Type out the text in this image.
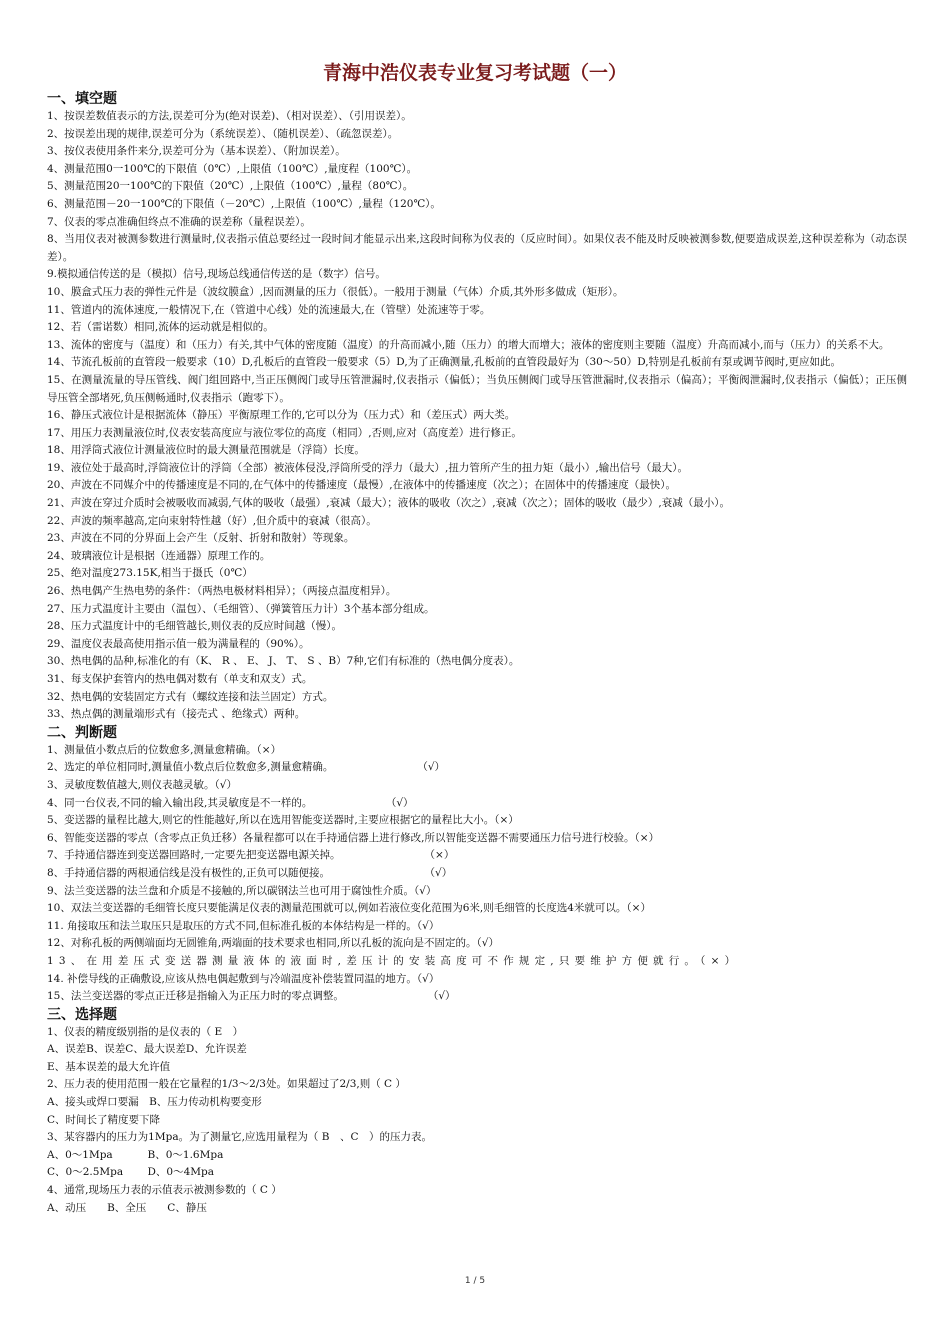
青海中浩仪表专业复习考试题（一）
一、填空题

1、按误差数值表示的方法,误差可分为(绝对误差)、（相对误差）、（引用误差）。

2、按误差出现的规律,误差可分为（系统误差）、（随机误差）、（疏忽误差）。

3、按仪表使用条件来分,误差可分为（基本误差）、（附加误差）。

4、测量范围0一100℃的下限值（0℃）,上限值（100℃）,量度程（100℃）。

5、测量范围20一100℃的下限值（20℃）,上限值（100℃）,量程（80℃）。

6、测量范围－20一100℃的下限值（－20℃）,上限值（100℃）,量程（120℃）。

7、仪表的零点准确但终点不准确的误差称（量程误差）。

8、当用仪表对被测参数进行测量时,仪表指示值总要经过一段时间才能显示出来,这段时间称为仪表的（反应时间）。如果仪表不能及时反映被测参数,便要造成误差,这种误差称为（动态误差）。

9.模拟通信传送的是（模拟）信号,现场总线通信传送的是（数字）信号。

10、膜盒式压力表的弹性元件是（波纹膜盒）,因而测量的压力（很低）。一般用于测量（气体）介质,其外形多做成（矩形）。

11、管道内的流体速度,一般情况下,在（管道中心线）处的流速最大,在（管壁）处流速等于零。

12、若（雷诺数）相同,流体的运动就是相似的。

13、流体的密度与（温度）和（压力）有关,其中气体的密度随（温度）的升高而减小,随（压力）的增大而增大；液体的密度则主要随（温度）升高而减小,而与（压力）的关系不大。

14、节流孔板前的直管段一般要求（10）D,孔板后的直管段一般要求（5）D,为了正确测量,孔板前的直管段最好为（30～50）D,特别是孔板前有泵或调节阀时,更应如此。

15、在测量流量的导压管线、阀门组回路中,当正压侧阀门或导压管泄漏时,仪表指示（偏低）；当负压侧阀门或导压管泄漏时,仪表指示（偏高）；平衡阀泄漏时,仪表指示（偏低）；正压侧导压管全部堵死,负压侧畅通时,仪表指示（跑零下）。

16、静压式液位计是根据流体（静压）平衡原理工作的,它可以分为（压力式）和（差压式）两大类。

17、用压力表测量液位时,仪表安装高度应与液位零位的高度（相同）,否则,应对（高度差）进行修正。

18、用浮筒式液位计测量液位时的最大测量范围就是（浮筒）长度。

19、液位处于最高时,浮筒液位计的浮筒（全部）被液体侵没,浮筒所受的浮力（最大）,扭力管所产生的扭力矩（最小）,输出信号（最大）。

20、声波在不同媒介中的传播速度是不同的,在气体中的传播速度（最慢）,在液体中的传播速度（次之）；在固体中的传播速度（最快）。

21、声波在穿过介质时会被吸收而减弱,气体的吸收（最强）,衰减（最大）；液体的吸收（次之）,衰减（次之）；固体的吸收（最少）,衰减（最小）。

22、声波的频率越高,定向束射特性越（好）,但介质中的衰减（很高）。

23、声波在不同的分界面上会产生（反射、折射和散射）等现象。

24、玻璃液位计是根据（连通器）原理工作的。

25、绝对温度273.15K,相当于摄氏（0℃）

26、热电偶产生热电势的条件：（两热电极材料相异）；（两接点温度相异）。

27、压力式温度计主要由（温包）、（毛细管）、（弹簧管压力计）3个基本部分组成。

28、压力式温度计中的毛细管越长,则仪表的反应时间越（慢）。

29、温度仪表最高使用指示值一般为满量程的（90%）。

30、热电偶的品种,标准化的有（K、 R 、 E、 J、 T、 S 、B）7种,它们有标准的（热电偶分度表）。

31、每支保护套管内的热电偶对数有（单支和双支）式。

32、热电偶的安装固定方式有（螺纹连接和法兰固定）方式。

33、热点偶的测量端形式有（接壳式 、绝缘式）两种。

二、判断题

1、测量值小数点后的位数愈多,测量愈精确。（×）

2、选定的单位相同时,测量值小数点后位数愈多,测量愈精确。　　　　　　　　　（√）

3、灵敏度数值越大,则仪表越灵敏。（√）

4、同一台仪表,不同的输入输出段,其灵敏度是不一样的。　　　　　　　　（√）

5、变送器的量程比越大,则它的性能越好,所以在选用智能变送器时,主要应根据它的量程比大小。（×）

6、智能变送器的零点（含零点正负迁移）各量程都可以在手持通信器上进行修改,所以智能变送器不需要通压力信号进行校验。（×）

7、手持通信器连到变送器回路时,一定要先把变送器电源关掉。　　　　　　　　　（×）

8、手持通信器的两根通信线是没有极性的,正负可以随便接。　　　　　　　　　　（√）

9、法兰变送器的法兰盘和介质是不接触的,所以碳钢法兰也可用于腐蚀性介质。（√）

10、双法兰变送器的毛细管长度只要能满足仪表的测量范围就可以,例如若液位变化范围为6米,则毛细管的长度选4米就可以。（×）

11. 角接取压和法兰取压只是取压的方式不同,但标准孔板的本体结构是一样的。（√）

12、对称孔板的两侧端面均无圆锥角,两端面的技术要求也相同,所以孔板的流向是不固定的。（√）

13、在用差压式变送器测量液体的液面时,差压计的安装高度可不作规定,只要维护方便就行。（×）

14. 补偿导线的正确敷设,应该从热电偶起敷到与冷端温度补偿装置同温的地方。（√）

15、法兰变送器的零点正迁移是指输入为正压力时的零点调整。　　　　　　　　　（√）

三、选择题

1、仪表的精度级别指的是仪表的（ E　）

A、误差B、误差C、最大误差D、允许误差

E、基本误差的最大允许值

2、压力表的使用范围一般在它量程的1/3～2/3处。如果超过了2/3,则（ C ）

A、接头或焊口要漏　B、压力传动机构要变形

C、时间长了精度要下降

3、某容器内的压力为1Mpa。为了测量它,应选用量程为（ B　、C　）的压力表。

A、0～1Mpa　　　 B、0～1.6Mpa

C、0～2.5Mpa　　 D、0～4Mpa

4、通常,现场压力表的示值表示被测参数的（ C ）

A、动压　　B、全压　　C、静压

1 / 5
